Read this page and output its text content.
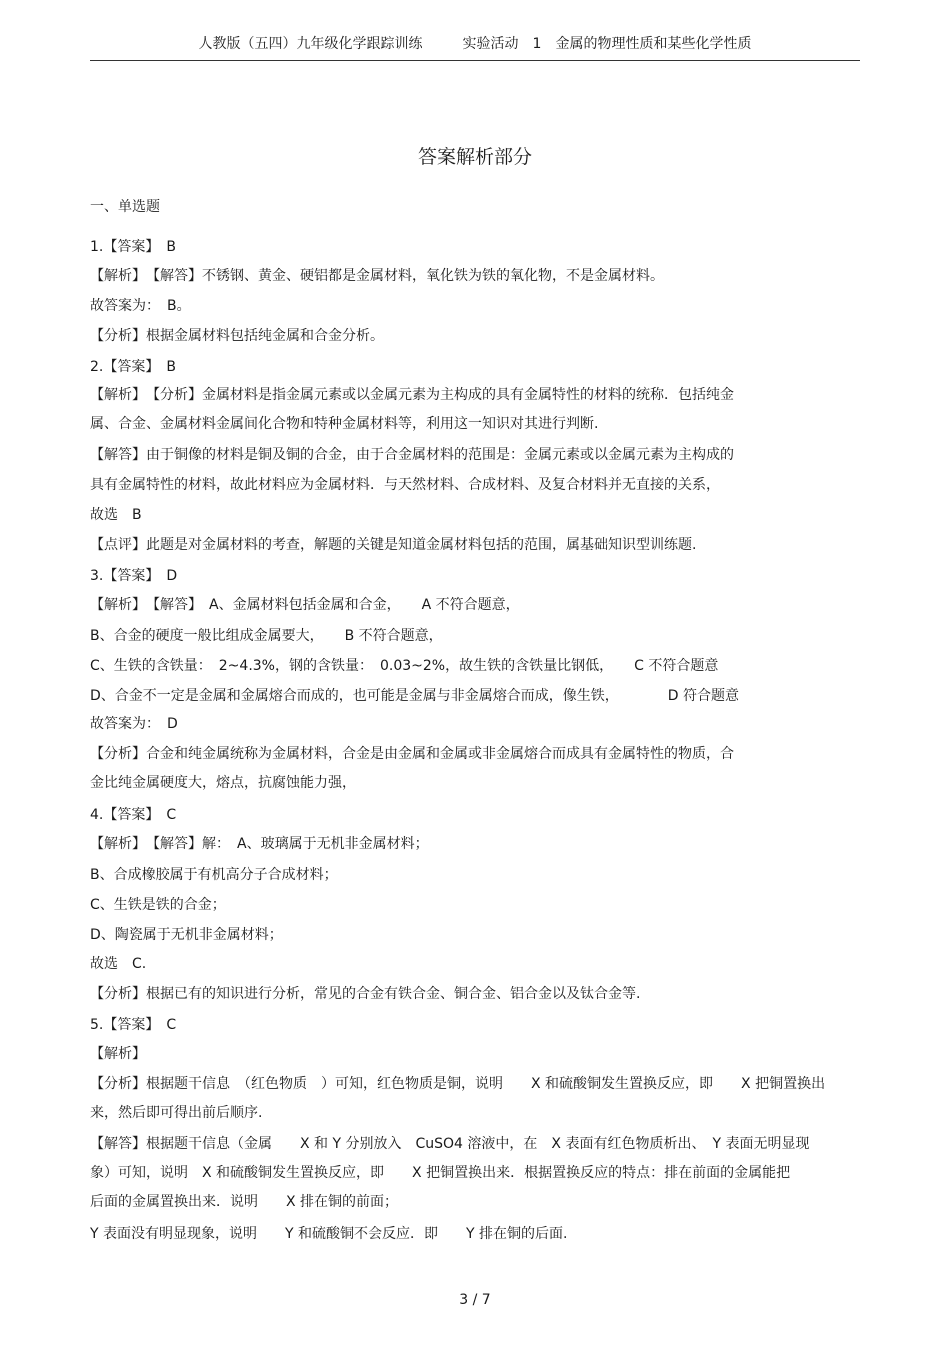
人教版（五四）九年级化学跟踪训练	实验活动　1　金属的物理性质和某些化学性质
答案解析部分
一、单选题
1.【答案】　B
【解析】　【解答】不锈钢、黄金、硬铝都是金属材料，氧化铁为铁的氧化物，不是金属材料。
故答案为：　B。
【分析】根据金属材料包括纯金属和合金分析。
2.【答案】　B
【解析】　【分析】金属材料是指金属元素或以金属元素为主构成的具有金属特性的材料的统称．包括纯金
属、合金、金属材料金属间化合物和特种金属材料等，利用这一知识对其进行判断.
【解答】由于铜像的材料是铜及铜的合金，由于合金属材料的范围是：金属元素或以金属元素为主构成的
具有金属特性的材料，故此材料应为金属材料．与天然材料、合成材料、及复合材料并无直接的关系，
故选　B
【点评】此题是对金属材料的考查，解题的关键是知道金属材料包括的范围，属基础知识型训练题.
3.【答案】　D
【解析】　【解答】　A、金属材料包括金属和合金，　　A 不符合题意，
B、合金的硬度一般比组成金属要大，　　B 不符合题意，
C、生铁的含铁量：　2~4.3%，钢的含铁量：　0.03~2%，故生铁的含铁量比钢低，　　C 不符合题意
D、合金不一定是金属和金属熔合而成的，也可能是金属与非金属熔合而成，像生铁，　　　　D 符合题意
故答案为：　D
【分析】合金和纯金属统称为金属材料，合金是由金属和金属或非金属熔合而成具有金属特性的物质，合
金比纯金属硬度大，熔点，抗腐蚀能力强，
4.【答案】　C
【解析】　【解答】解：　A、玻璃属于无机非金属材料；
B、合成橡胶属于有机高分子合成材料；
C、生铁是铁的合金；
D、陶瓷属于无机非金属材料；
故选　C.
【分析】根据已有的知识进行分析，常见的合金有铁合金、铜合金、铝合金以及钛合金等.
5.【答案】　C
【解析】
【分析】根据题干信息　（红色物质　）可知，红色物质是铜，说明　　X 和硫酸铜发生置换反应，即　　X 把铜置换出
来，然后即可得出前后顺序.
【解答】根据题干信息（金属　　X 和 Y 分别放入　CuSO4 溶液中，在　X 表面有红色物质析出、　Y 表面无明显现
象）可知，说明　X 和硫酸铜发生置换反应，即　　X 把铜置换出来．根据置换反应的特点：排在前面的金属能把
后面的金属置换出来．说明　　X 排在铜的前面；
Y 表面没有明显现象，说明　　Y 和硫酸铜不会反应．即　　Y 排在铜的后面.
3 / 7
